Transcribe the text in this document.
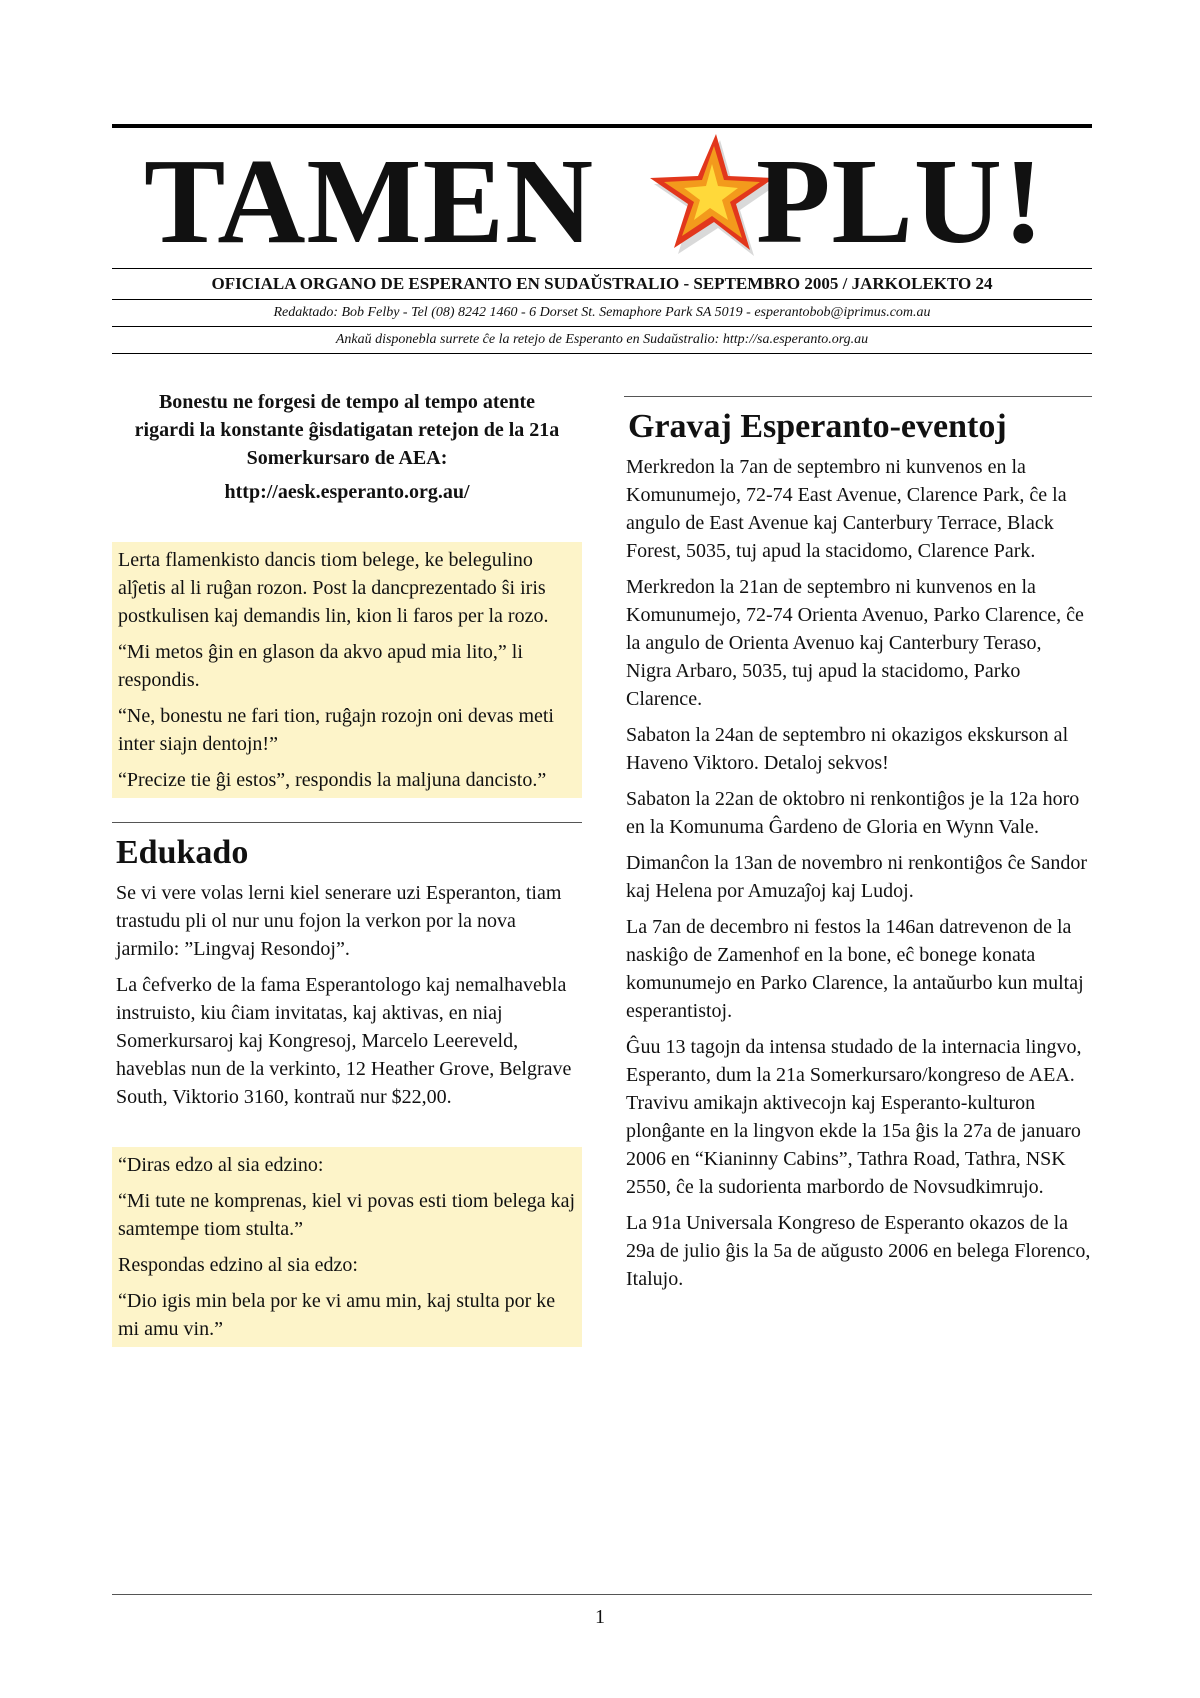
TAMEN PLU!
OFICIALA ORGANO DE ESPERANTO EN SUDAŬSTRALIO - SEPTEMBRO 2005 / JARKOLEKTO 24
Redaktado: Bob Felby - Tel (08) 8242 1460 - 6 Dorset St. Semaphore Park SA 5019 - esperantobob@iprimus.com.au
Ankaŭ disponebla surrete ĉe la retejo de Esperanto en Sudaŭstralio: http://sa.esperanto.org.au
Bonestu ne forgesi de tempo al tempo atente rigardi la konstante ĝisdatigatan retejon de la 21a Somerkursaro de AEA:
http://aesk.esperanto.org.au/

Lerta flamenkisto dancis tiom belege, ke belegulino alĵetis al li ruĝan rozon. Post la dancprezentado ŝi iris postkulisen kaj demandis lin, kion li faros per la rozo.

“Mi metos ĝin en glason da akvo apud mia lito,” li respondis.

“Ne, bonestu ne fari tion, ruĝajn rozojn oni devas meti inter siajn dentojn!”

“Precize tie ĝi estos”, respondis la maljuna dancisto.”

Edukado

Se vi vere volas lerni kiel senerare uzi Esperanton, tiam trastudu pli ol nur unu fojon la verkon por la nova jarmilo: ”Lingvaj Resondoj”.

La ĉefverko de la fama Esperantologo kaj nemalhavebla instruisto, kiu ĉiam invitatas, kaj aktivas, en niaj Somerkursaroj kaj Kongresoj, Marcelo Leereveld, haveblas nun de la verkinto, 12 Heather Grove, Belgrave South, Viktorio 3160, kontraŭ nur $22,00.

“Diras edzo al sia edzino:

“Mi tute ne komprenas, kiel vi povas esti tiom belega kaj samtempe tiom stulta.”

Respondas edzino al sia edzo:

“Dio igis min bela por ke vi amu min, kaj stulta por ke mi amu vin.”

Gravaj Esperanto-eventoj

Merkredon la 7an de septembro ni kunvenos en la Komunumejo, 72-74 East Avenue, Clarence Park, ĉe la angulo de East Avenue kaj Canterbury Terrace, Black Forest, 5035, tuj apud la stacidomo, Clarence Park.

Merkredon la 21an de septembro ni kunvenos en la Komunumejo, 72-74 Orienta Avenuo, Parko Clarence, ĉe la angulo de Orienta Avenuo kaj Canterbury Teraso, Nigra Arbaro, 5035, tuj apud la stacidomo, Parko Clarence.

Sabaton la 24an de septembro ni okazigos ekskurson al Haveno Viktoro. Detaloj sekvos!

Sabaton la 22an de oktobro ni renkontiĝos je la 12a horo en la Komunuma Ĝardeno de Gloria en Wynn Vale.

Dimanĉon la 13an de novembro ni renkontiĝos ĉe Sandor kaj Helena por Amuzaĵoj kaj Ludoj.

La 7an de decembro ni festos la 146an datrevenon de la naskiĝo de Zamenhof en la bone, eĉ bonege konata komunumejo en Parko Clarence, la antaŭurbo kun multaj esperantistoj.

Ĝuu 13 tagojn da intensa studado de la internacia lingvo, Esperanto, dum la 21a Somerkursaro/kongreso de AEA. Travivu amikajn aktivecojn kaj Esperanto-kulturon plonĝante en la lingvon ekde la 15a ĝis la 27a de januaro 2006 en “Kianinny Cabins”, Tathra Road, Tathra, NSK 2550, ĉe la sudorienta marbordo de Novsudkimrujo.

La 91a Universala Kongreso de Esperanto okazos de la 29a de julio ĝis la 5a de aŭgusto 2006 en belega Florenco, Italujo.

1
